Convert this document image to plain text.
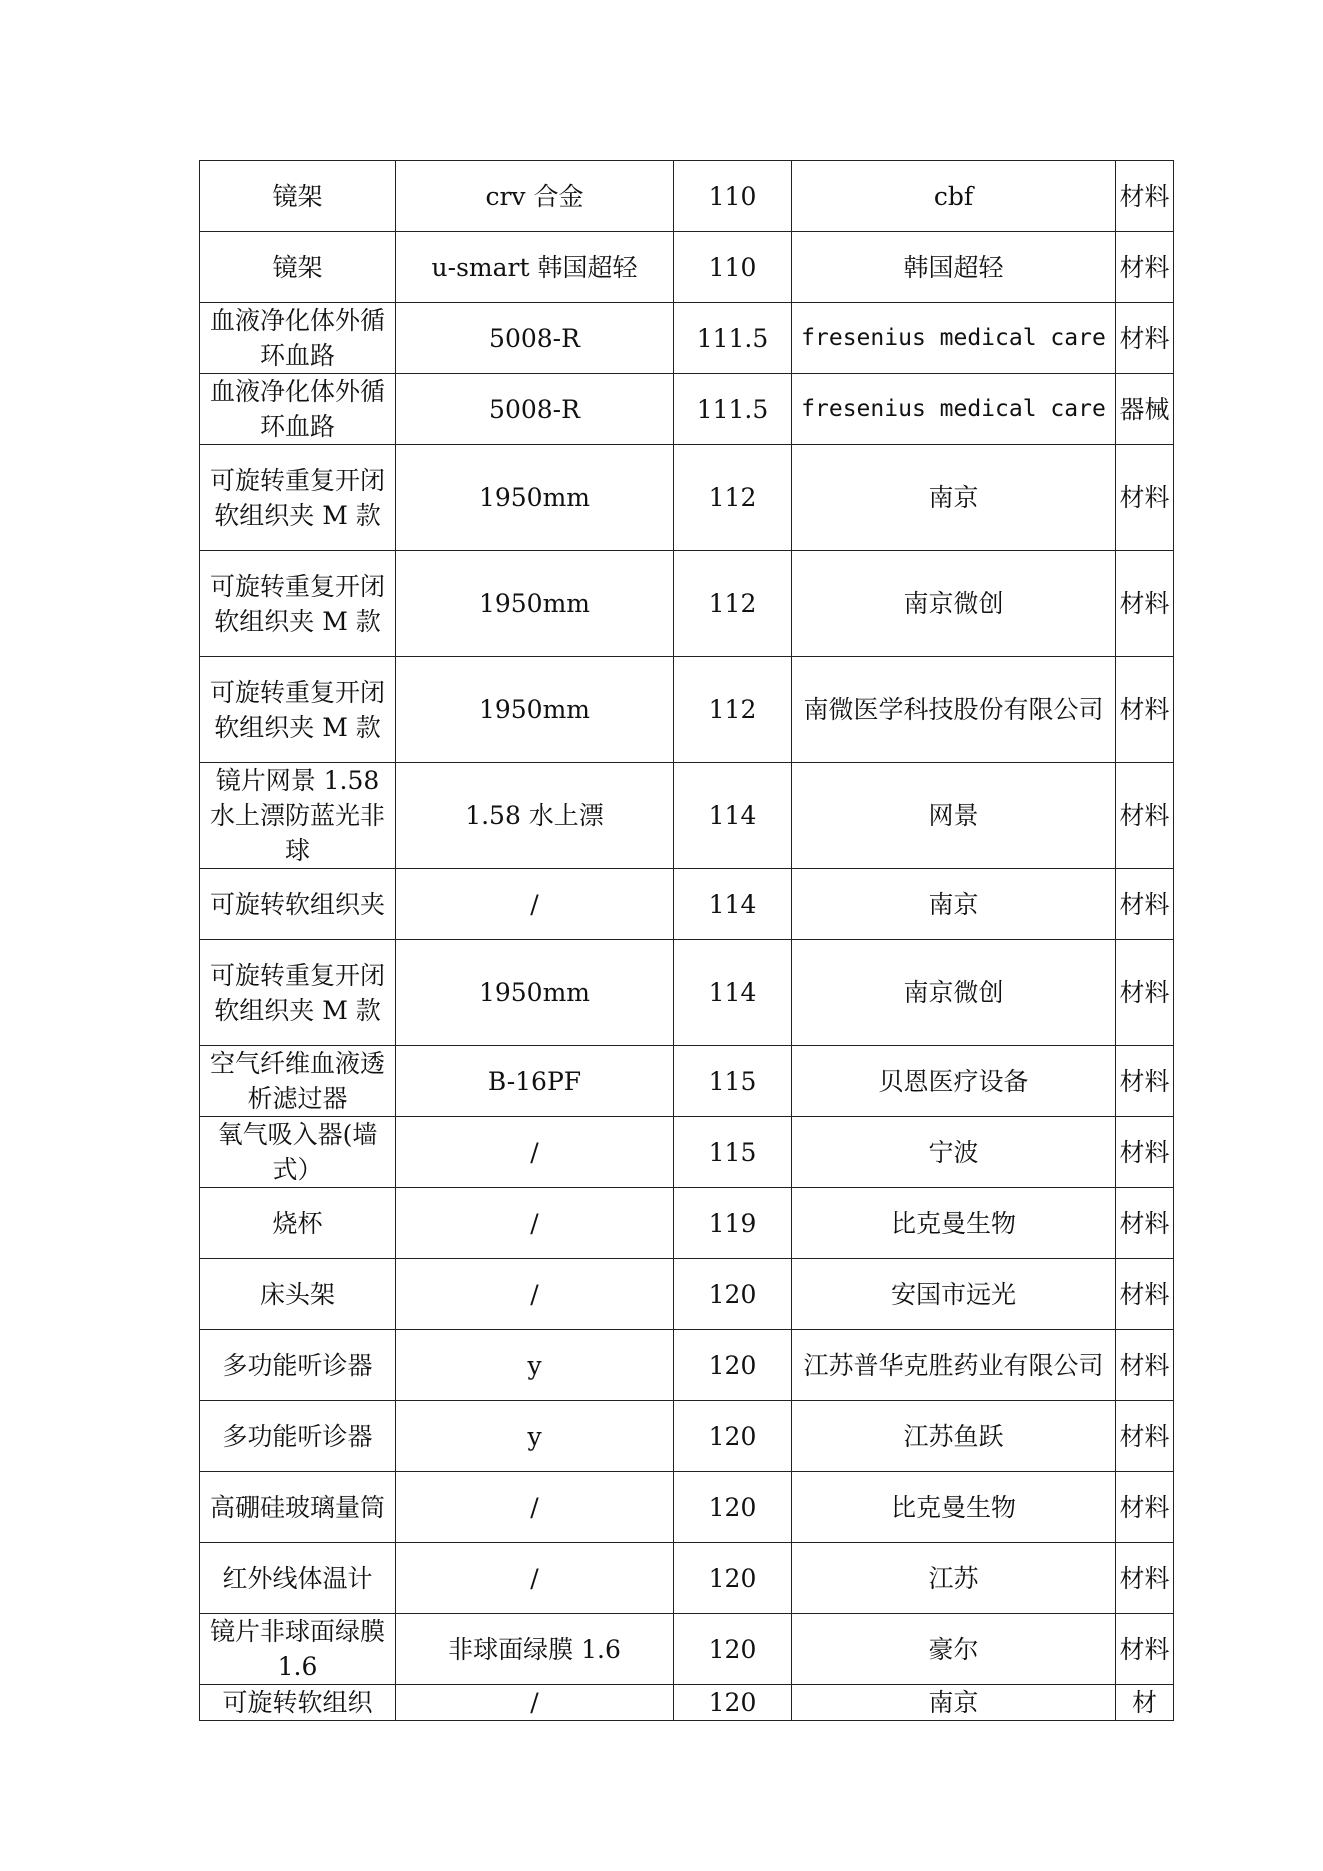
镜架	crv 合金	110	cbf	材料
镜架	u-smart 韩国超轻	110	韩国超轻	材料
血液净化体外循环血路	5008-R	111.5	fresenius medical care	材料
血液净化体外循环血路	5008-R	111.5	fresenius medical care	器械
可旋转重复开闭软组织夹 M 款	1950mm	112	南京	材料
可旋转重复开闭软组织夹 M 款	1950mm	112	南京微创	材料
可旋转重复开闭软组织夹 M 款	1950mm	112	南微医学科技股份有限公司	材料
镜片网景 1.58 水上漂防蓝光非球	1.58 水上漂	114	网景	材料
可旋转软组织夹	/	114	南京	材料
可旋转重复开闭软组织夹 M 款	1950mm	114	南京微创	材料
空气纤维血液透析滤过器	B-16PF	115	贝恩医疗设备	材料
氧气吸入器(墙式）	/	115	宁波	材料
烧杯	/	119	比克曼生物	材料
床头架	/	120	安国市远光	材料
多功能听诊器	y	120	江苏普华克胜药业有限公司	材料
多功能听诊器	y	120	江苏鱼跃	材料
高硼硅玻璃量筒	/	120	比克曼生物	材料
红外线体温计	/	120	江苏	材料
镜片非球面绿膜 1.6	非球面绿膜 1.6	120	豪尔	材料
可旋转软组织	/	120	南京	材
